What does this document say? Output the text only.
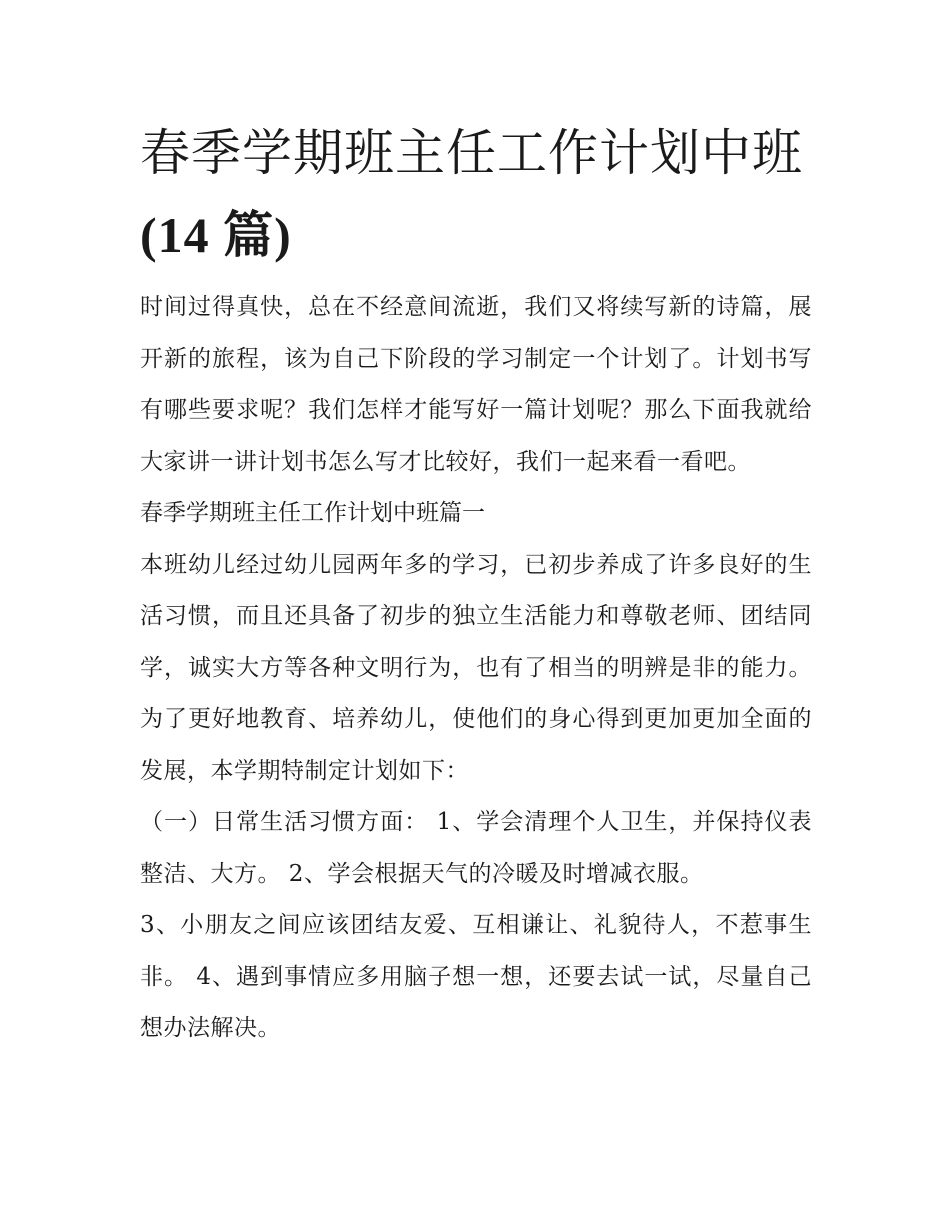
春季学期班主任工作计划中班
(14 篇)

时间过得真快，总在不经意间流逝，我们又将续写新的诗篇，展开新的旅程，该为自己下阶段的学习制定一个计划了。计划书写有哪些要求呢？我们怎样才能写好一篇计划呢？那么下面我就给大家讲一讲计划书怎么写才比较好，我们一起来看一看吧。

春季学期班主任工作计划中班篇一

本班幼儿经过幼儿园两年多的学习，已初步养成了许多良好的生活习惯，而且还具备了初步的独立生活能力和尊敬老师、团结同学，诚实大方等各种文明行为，也有了相当的明辨是非的能力。为了更好地教育、培养幼儿，使他们的身心得到更加更加全面的发展，本学期特制定计划如下：

（一）日常生活习惯方面： 1、学会清理个人卫生，并保持仪表整洁、大方。 2、学会根据天气的冷暖及时增减衣服。

3、小朋友之间应该团结友爱、互相谦让、礼貌待人，不惹事生非。 4、遇到事情应多用脑子想一想，还要去试一试，尽量自己想办法解决。
